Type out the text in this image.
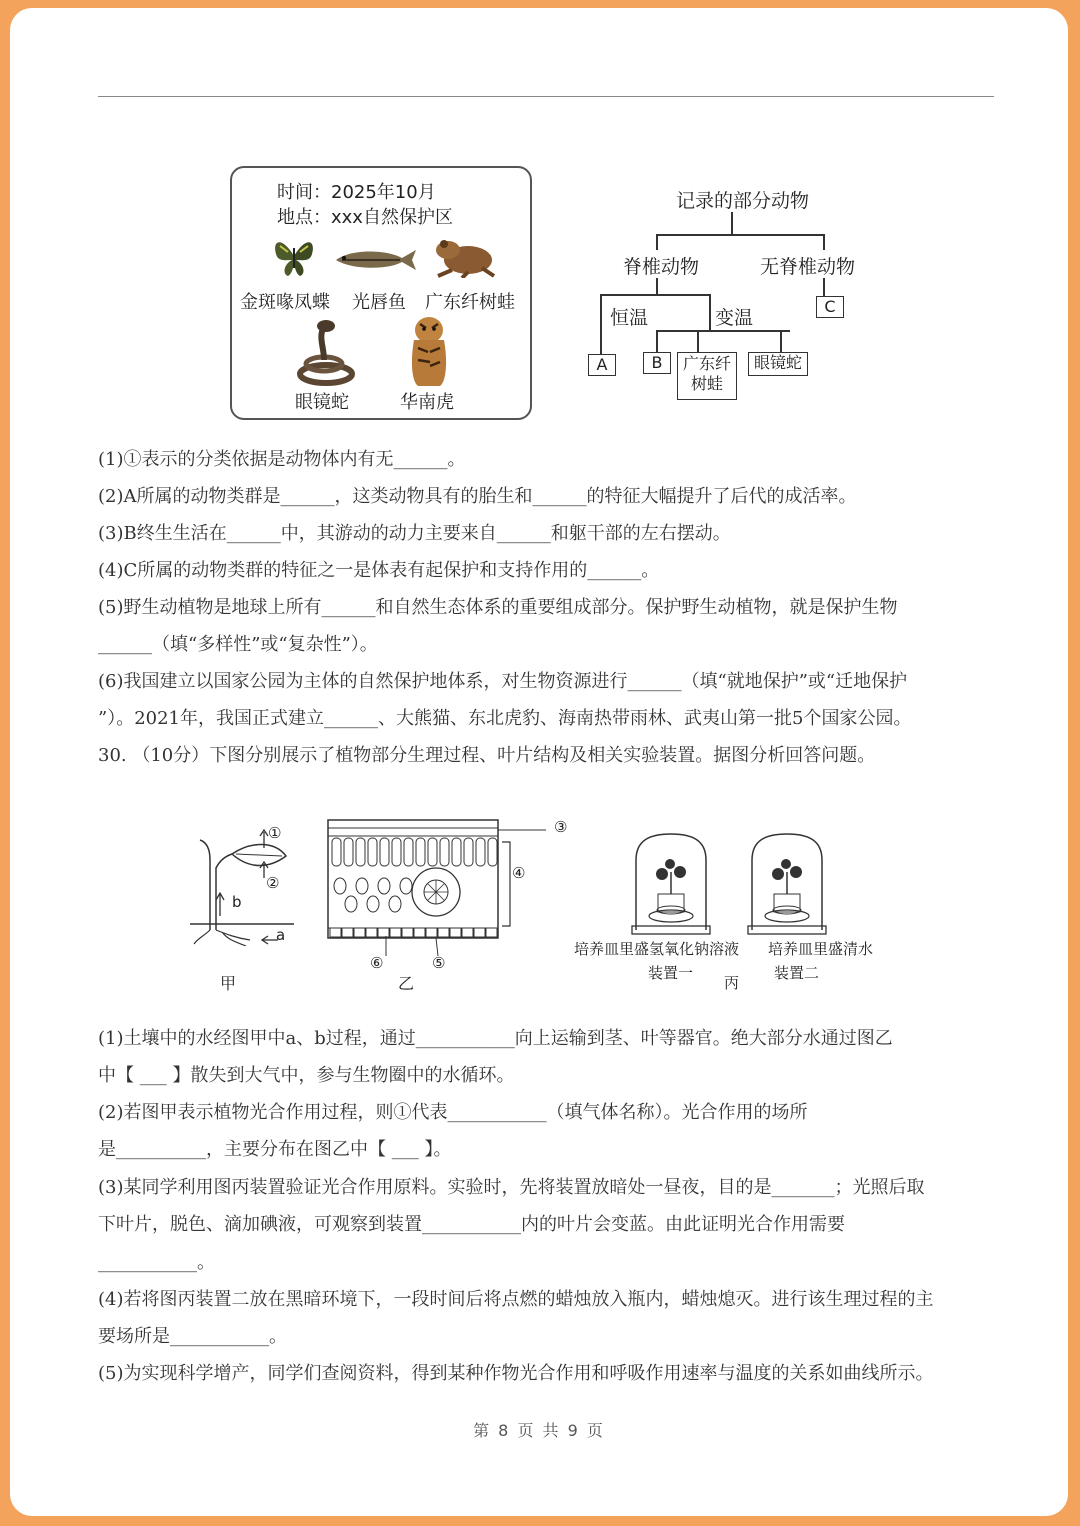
时间：2025年10月
地点：xxx自然保护区
金斑喙凤蝶 光唇鱼 广东纤树蛙
眼镜蛇	华南虎
记录的部分动物
脊椎动物	无脊椎动物
C
恒温	变温
A	B	广东纤树蛙
眼镜蛇
(1)①表示的分类依据是动物体内有无______。
(2)A所属的动物类群是______，这类动物具有的胎生和______的特征大幅提升了后代的成活率。
(3)B终生生活在______中，其游动的动力主要来自______和躯干部的左右摆动。
(4)C所属的动物类群的特征之一是体表有起保护和支持作用的______。
(5)野生动植物是地球上所有______和自然生态体系的重要组成部分。保护野生动植物，就是保护生物
______（填“多样性”或“复杂性”）。
(6)我国建立以国家公园为主体的自然保护地体系，对生物资源进行______（填“就地保护”或“迁地保护
”）。2021年，我国正式建立______、大熊猫、东北虎豹、海南热带雨林、武夷山第一批5个国家公园。
30. （10分）下图分别展示了植物部分生理过程、叶片结构及相关实验装置。据图分析回答问题。
①
②
b
a
甲
③
④
⑤
⑥
乙
培养皿里盛氢氧化钠溶液
装置一
丙
培养皿里盛清水
装置二
(1)土壤中的水经图甲中a、b过程，通过___________向上运输到茎、叶等器官。绝大部分水通过图乙
中【 ___ 】散失到大气中，参与生物圈中的水循环。
(2)若图甲表示植物光合作用过程，则①代表___________（填气体名称）。光合作用的场所
是__________，主要分布在图乙中【 ___ 】。
(3)某同学利用图丙装置验证光合作用原料。实验时，先将装置放暗处一昼夜，目的是_______；光照后取
下叶片，脱色、滴加碘液，可观察到装置___________内的叶片会变蓝。由此证明光合作用需要
___________。
(4)若将图丙装置二放在黑暗环境下，一段时间后将点燃的蜡烛放入瓶内，蜡烛熄灭。进行该生理过程的主
要场所是___________。
(5)为实现科学增产，同学们查阅资料，得到某种作物光合作用和呼吸作用速率与温度的关系如曲线所示。
第 8 页 共 9 页
